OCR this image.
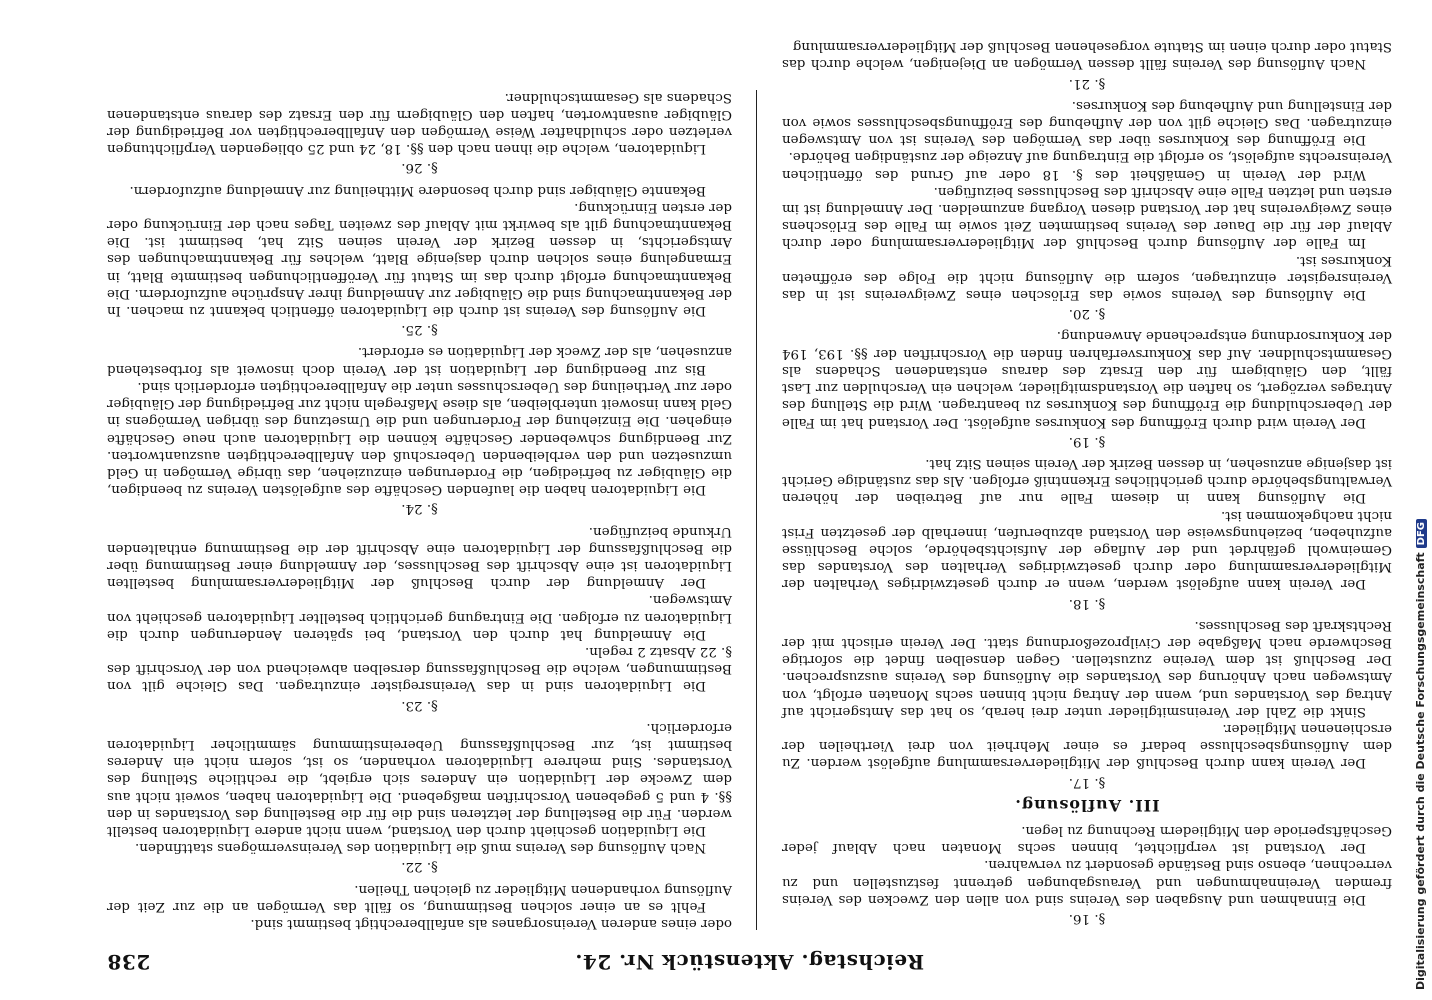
Reichstag. Aktenstück Nr. 24.
238
§. 16.

Die Einnahmen und Ausgaben des Vereins sind von allen den Zwecken des Vereins fremden Vereinnahmungen und Verausgabungen getrennt festzustellen und zu verrechnen, ebenso sind Bestände gesondert zu verwahren.

Der Vorstand ist verpflichtet, binnen sechs Monaten nach Ablauf jeder Geschäftsperiode den Mitgliedern Rechnung zu legen.

III. Auflösung.
§. 17.

Der Verein kann durch Beschluß der Mitgliederversammlung aufgelöst werden. Zu dem Auflösungsbeschlusse bedarf es einer Mehrheit von drei Viertheilen der erschienenen Mitglieder.

Sinkt die Zahl der Vereinsmitglieder unter drei herab, so hat das Amtsgericht auf Antrag des Vorstandes und, wenn der Antrag nicht binnen sechs Monaten erfolgt, von Amtswegen nach Anhörung des Vorstandes die Auflösung des Vereins auszusprechen. Der Beschluß ist dem Vereine zuzustellen. Gegen denselben findet die sofortige Beschwerde nach Maßgabe der Civilprozeßordnung statt. Der Verein erlischt mit der Rechtskraft des Beschlusses.

§. 18.

Der Verein kann aufgelöst werden, wenn er durch gesetzwidriges Verhalten der Mitgliederversammlung oder durch gesetzwidriges Verhalten des Vorstandes das Gemeinwohl gefährdet und der Auflage der Aufsichtsbehörde, solche Beschlüsse aufzuheben, beziehungsweise den Vorstand abzuberufen, innerhalb der gesetzten Frist nicht nachgekommen ist.

Die Auflösung kann in diesem Falle nur auf Betreiben der höheren Verwaltungsbehörde durch gerichtliches Erkenntniß erfolgen. Als das zuständige Gericht ist dasjenige anzusehen, in dessen Bezirk der Verein seinen Sitz hat.

§. 19.

Der Verein wird durch Eröffnung des Konkurses aufgelöst. Der Vorstand hat im Falle der Ueberschuldung die Eröffnung des Konkurses zu beantragen. Wird die Stellung des Antrages verzögert, so haften die Vorstandsmitglieder, welchen ein Verschulden zur Last fällt, den Gläubigern für den Ersatz des daraus entstandenen Schadens als Gesammtschuldner. Auf das Konkursverfahren finden die Vorschriften der §§. 193, 194 der Konkursordnung entsprechende Anwendung.

§. 20.

Die Auflösung des Vereins sowie das Erlöschen eines Zweigvereins ist in das Vereinsregister einzutragen, sofern die Auflösung nicht die Folge des eröffneten Konkurses ist.

Im Falle der Auflösung durch Beschluß der Mitgliederversammlung oder durch Ablauf der für die Dauer des Vereins bestimmten Zeit sowie im Falle des Erlöschens eines Zweigvereins hat der Vorstand diesen Vorgang anzumelden. Der Anmeldung ist im ersten und letzten Falle eine Abschrift des Beschlusses beizufügen.

Wird der Verein in Gemäßheit des §. 18 oder auf Grund des öffentlichen Vereinsrechts aufgelöst, so erfolgt die Eintragung auf Anzeige der zuständigen Behörde.

Die Eröffnung des Konkurses über das Vermögen des Vereins ist von Amtswegen einzutragen. Das Gleiche gilt von der Aufhebung des Eröffnungsbeschlusses sowie von der Einstellung und Aufhebung des Konkurses.

§. 21.

Nach Auflösung des Vereins fällt dessen Vermögen an Diejenigen, welche durch das Statut oder durch einen im Statute vorgesehenen Beschluß der Mitgliederversammlung

oder eines anderen Vereinsorganes als anfallberechtigt bestimmt sind.

Fehlt es an einer solchen Bestimmung, so fällt das Vermögen an die zur Zeit der Auflösung vorhandenen Mitglieder zu gleichen Theilen.

§. 22.

Nach Auflösung des Vereins muß die Liquidation des Vereinsvermögens stattfinden.

Die Liquidation geschieht durch den Vorstand, wenn nicht andere Liquidatoren bestellt werden. Für die Bestellung der letzteren sind die für die Bestellung des Vorstandes in den §§. 4 und 5 gegebenen Vorschriften maßgebend. Die Liquidatoren haben, soweit nicht aus dem Zwecke der Liquidation ein Anderes sich ergiebt, die rechtliche Stellung des Vorstandes. Sind mehrere Liquidatoren vorhanden, so ist, sofern nicht ein Anderes bestimmt ist, zur Beschlußfassung Uebereinstimmung sämmtlicher Liquidatoren erforderlich.

§. 23.

Die Liquidatoren sind in das Vereinsregister einzutragen. Das Gleiche gilt von Bestimmungen, welche die Beschlußfassung derselben abweichend von der Vorschrift des §. 22 Absatz 2 regeln.

Die Anmeldung hat durch den Vorstand, bei späteren Aenderungen durch die Liquidatoren zu erfolgen. Die Eintragung gerichtlich bestellter Liquidatoren geschieht von Amtswegen.

Der Anmeldung der durch Beschluß der Mitgliederversammlung bestellten Liquidatoren ist eine Abschrift des Beschlusses, der Anmeldung einer Bestimmung über die Beschlußfassung der Liquidatoren eine Abschrift der die Bestimmung enthaltenden Urkunde beizufügen.

§. 24.

Die Liquidatoren haben die laufenden Geschäfte des aufgelösten Vereins zu beendigen, die Gläubiger zu befriedigen, die Forderungen einzuziehen, das übrige Vermögen in Geld umzusetzen und den verbleibenden Ueberschuß den Anfallberechtigten auszuantworten. Zur Beendigung schwebender Geschäfte können die Liquidatoren auch neue Geschäfte eingehen. Die Einziehung der Forderungen und die Umsetzung des übrigen Vermögens in Geld kann insoweit unterbleiben, als diese Maßregeln nicht zur Befriedigung der Gläubiger oder zur Vertheilung des Ueberschusses unter die Anfallberechtigten erforderlich sind.

Bis zur Beendigung der Liquidation ist der Verein doch insoweit als fortbestehend anzusehen, als der Zweck der Liquidation es erfordert.

§. 25.

Die Auflösung des Vereins ist durch die Liquidatoren öffentlich bekannt zu machen. In der Bekanntmachung sind die Gläubiger zur Anmeldung ihrer Ansprüche aufzufordern. Die Bekanntmachung erfolgt durch das im Statut für Veröffentlichungen bestimmte Blatt, in Ermangelung eines solchen durch dasjenige Blatt, welches für Bekanntmachungen des Amtsgerichts, in dessen Bezirk der Verein seinen Sitz hat, bestimmt ist. Die Bekanntmachung gilt als bewirkt mit Ablauf des zweiten Tages nach der Einrückung oder der ersten Einrückung.

Bekannte Gläubiger sind durch besondere Mittheilung zur Anmeldung aufzufordern.

§. 26.

Liquidatoren, welche die ihnen nach den §§. 18, 24 und 25 obliegenden Verpflichtungen verletzen oder schuldhafter Weise Vermögen den Anfallberechtigten vor Befriedigung der Gläubiger ausantworten, haften den Gläubigern für den Ersatz des daraus entstandenen Schadens als Gesammtschuldner.

Digitalisierung gefördert durch die Deutsche ForschungsgemeinschaftDFG
